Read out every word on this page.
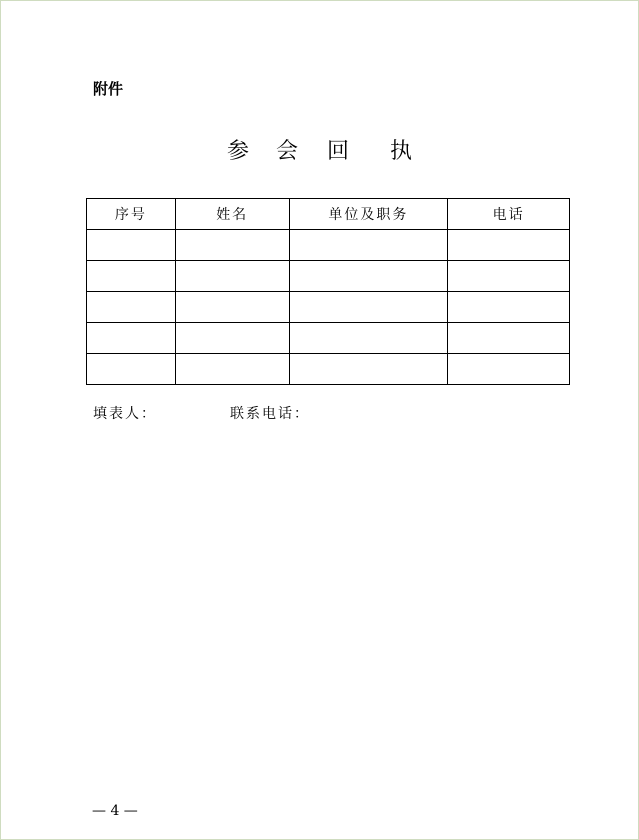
附件
参 会 回 执
序号	姓名	单位及职务	电话

填表人：	联系电话：
— 4 —
